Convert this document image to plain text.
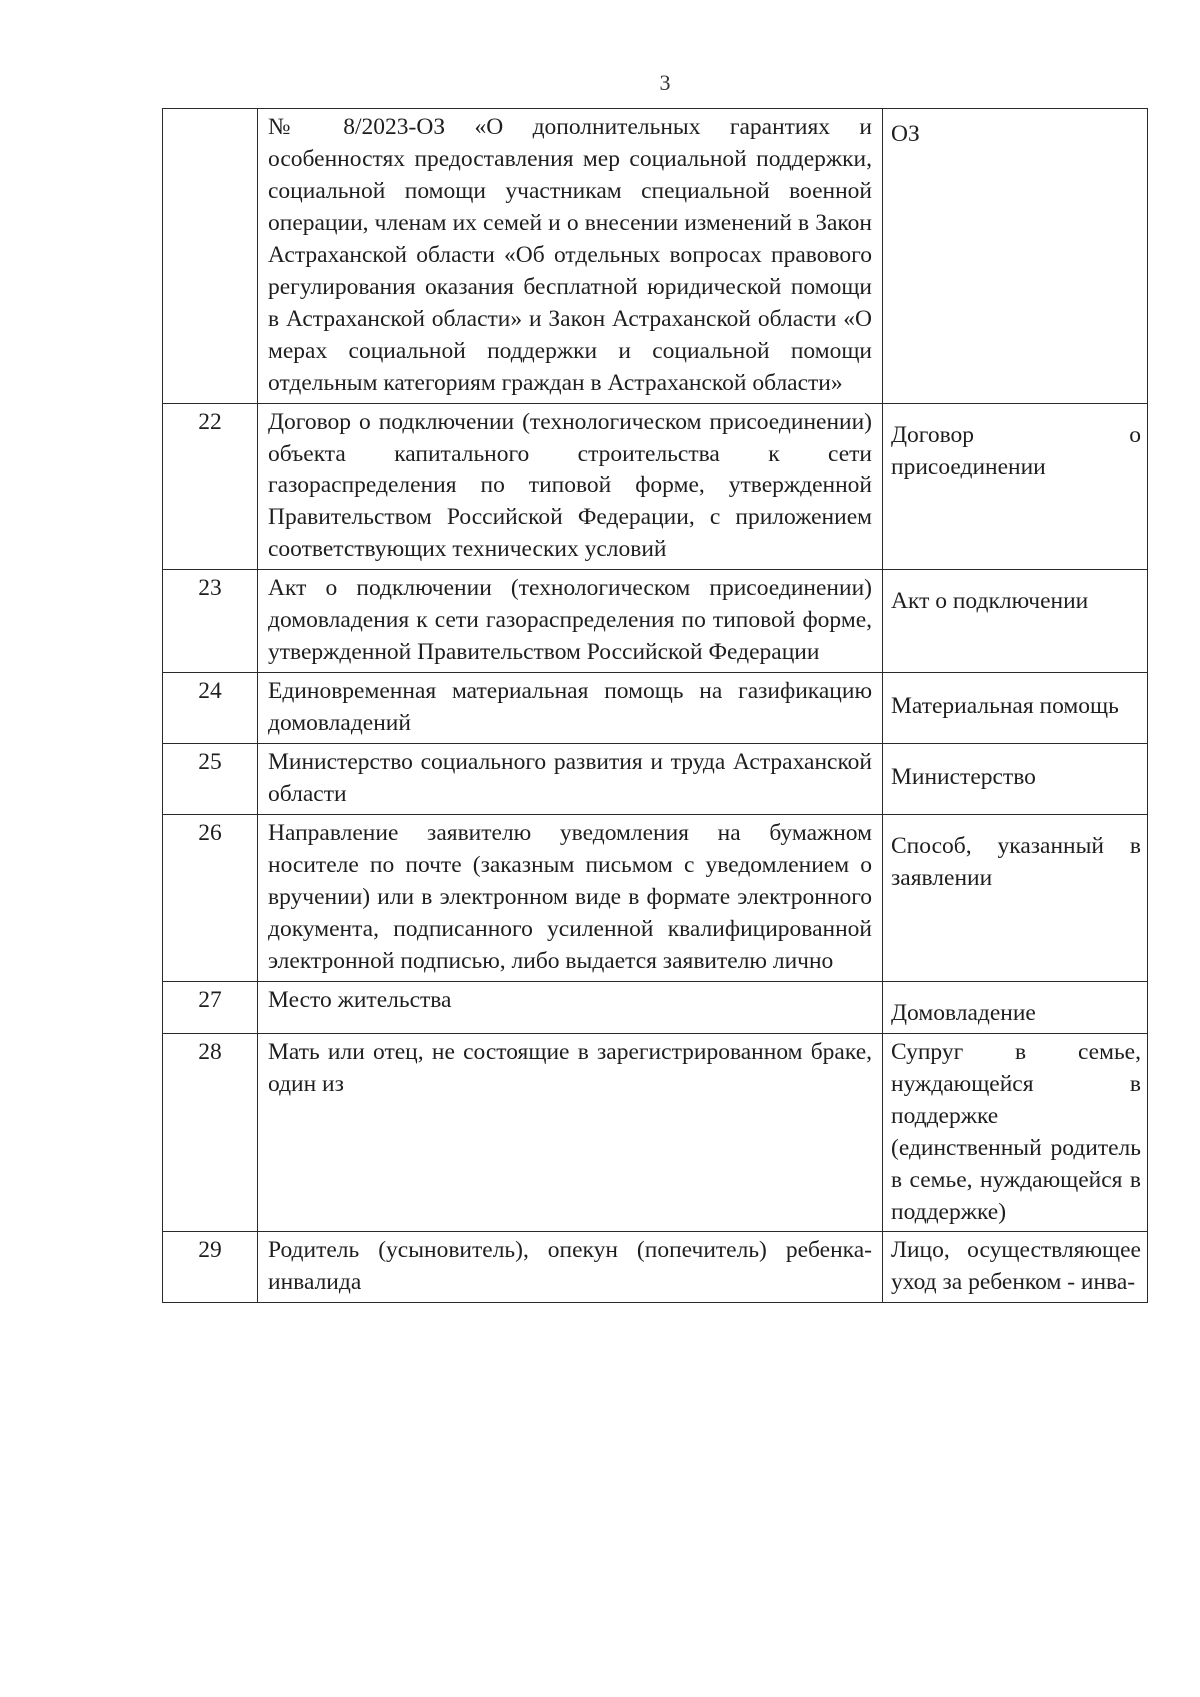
3
	№ 8/2023-ОЗ «О дополнительных гарантиях и особенностях предоставления мер социальной поддержки, социальной помощи участникам специальной военной операции, членам их семей и о внесении изменений в Закон Астраханской области «Об отдельных вопросах правового регулирования оказания бесплатной юридической помощи в Астраханской области» и Закон Астраханской области «О мерах социальной поддержки и социальной помощи отдельным категориям граждан в Астраханской области»	ОЗ
22	Договор о подключении (технологическом присоединении) объекта капитального строительства к сети газораспределения по типовой форме, утвержденной Правительством Российской Федерации, с приложением соответствующих технических условий	Договор о присоединении
23	Акт о подключении (технологическом присоединении) домовладения к сети газораспределения по типовой форме, утвержденной Правительством Российской Федерации	Акт о подключении
24	Единовременная материальная помощь на газификацию домовладений	Материальная помощь
25	Министерство социального развития и труда Астраханской области	Министерство
26	Направление заявителю уведомления на бумажном носителе по почте (заказным письмом с уведомлением о вручении) или в электронном виде в формате электронного документа, подписанного усиленной квалифицированной электронной подписью, либо выдается заявителю лично	Способ, указанный в заявлении
27	Место жительства	Домовладение
28	Мать или отец, не состоящие в зарегистрированном браке, один из	Супруг в семье, нуждающейся в поддержке (единственный родитель в семье, нуждающейся в поддержке)
29	Родитель (усыновитель), опекун (попечитель) ребенка-инвалида	Лицо, осуществляющее уход за ребенком - инва-
